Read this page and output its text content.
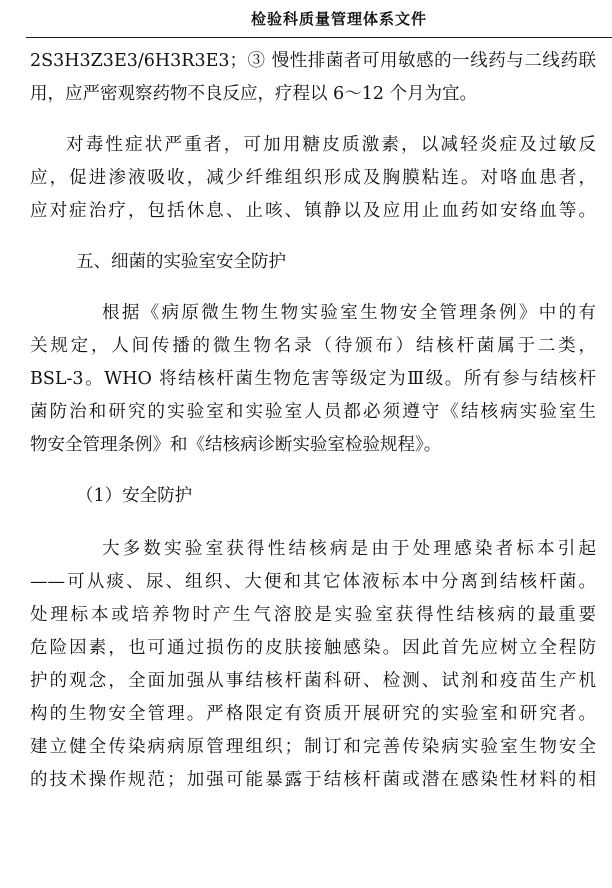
检验科质量管理体系文件
2S3H3Z3E3/6H3R3E3；③ 慢性排菌者可用敏感的一线药与二线药联
用，应严密观察药物不良反应，疗程以 6～12 个月为宜。
对毒性症状严重者，可加用糖皮质激素，以减轻炎症及过敏反
应，促进渗液吸收，减少纤维组织形成及胸膜粘连。对咯血患者，
应对症治疗，包括休息、止咳、镇静以及应用止血药如安络血等。
五、细菌的实验室安全防护
根据《病原微生物生物实验室生物安全管理条例》中的有
关规定，人间传播的微生物名录（待颁布）结核杆菌属于二类，
BSL-3。WHO 将结核杆菌生物危害等级定为Ⅲ级。所有参与结核杆
菌防治和研究的实验室和实验室人员都必须遵守《结核病实验室生
物安全管理条例》和《结核病诊断实验室检验规程》。
（1）安全防护
大多数实验室获得性结核病是由于处理感染者标本引起
——可从痰、尿、组织、大便和其它体液标本中分离到结核杆菌。
处理标本或培养物时产生气溶胶是实验室获得性结核病的最重要
危险因素，也可通过损伤的皮肤接触感染。因此首先应树立全程防
护的观念，全面加强从事结核杆菌科研、检测、试剂和疫苗生产机
构的生物安全管理。严格限定有资质开展研究的实验室和研究者。
建立健全传染病病原管理组织；制订和完善传染病实验室生物安全
的技术操作规范；加强可能暴露于结核杆菌或潜在感染性材料的相
